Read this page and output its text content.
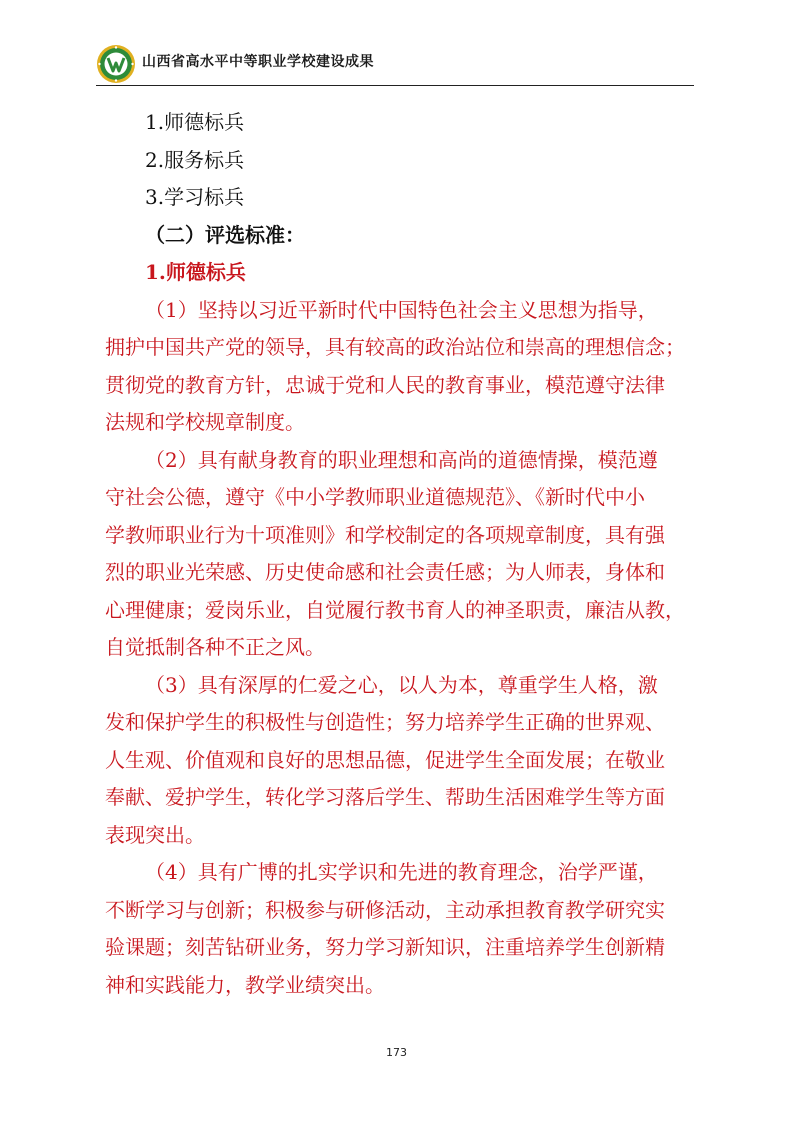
山西省高水平中等职业学校建设成果
1.师德标兵
2.服务标兵
3.学习标兵
（二）评选标准：
1.师德标兵
（1）坚持以习近平新时代中国特色社会主义思想为指导，
拥护中国共产党的领导，具有较高的政治站位和崇高的理想信念；
贯彻党的教育方针，忠诚于党和人民的教育事业，模范遵守法律
法规和学校规章制度。
（2）具有献身教育的职业理想和高尚的道德情操，模范遵
守社会公德，遵守《中小学教师职业道德规范》、《新时代中小
学教师职业行为十项准则》和学校制定的各项规章制度，具有强
烈的职业光荣感、历史使命感和社会责任感；为人师表，身体和
心理健康；爱岗乐业，自觉履行教书育人的神圣职责，廉洁从教，
自觉抵制各种不正之风。
（3）具有深厚的仁爱之心，以人为本，尊重学生人格，激
发和保护学生的积极性与创造性；努力培养学生正确的世界观、
人生观、价值观和良好的思想品德，促进学生全面发展；在敬业
奉献、爱护学生，转化学习落后学生、帮助生活困难学生等方面
表现突出。
（4）具有广博的扎实学识和先进的教育理念，治学严谨，
不断学习与创新；积极参与研修活动，主动承担教育教学研究实
验课题；刻苦钻研业务，努力学习新知识，注重培养学生创新精
神和实践能力，教学业绩突出。
173
